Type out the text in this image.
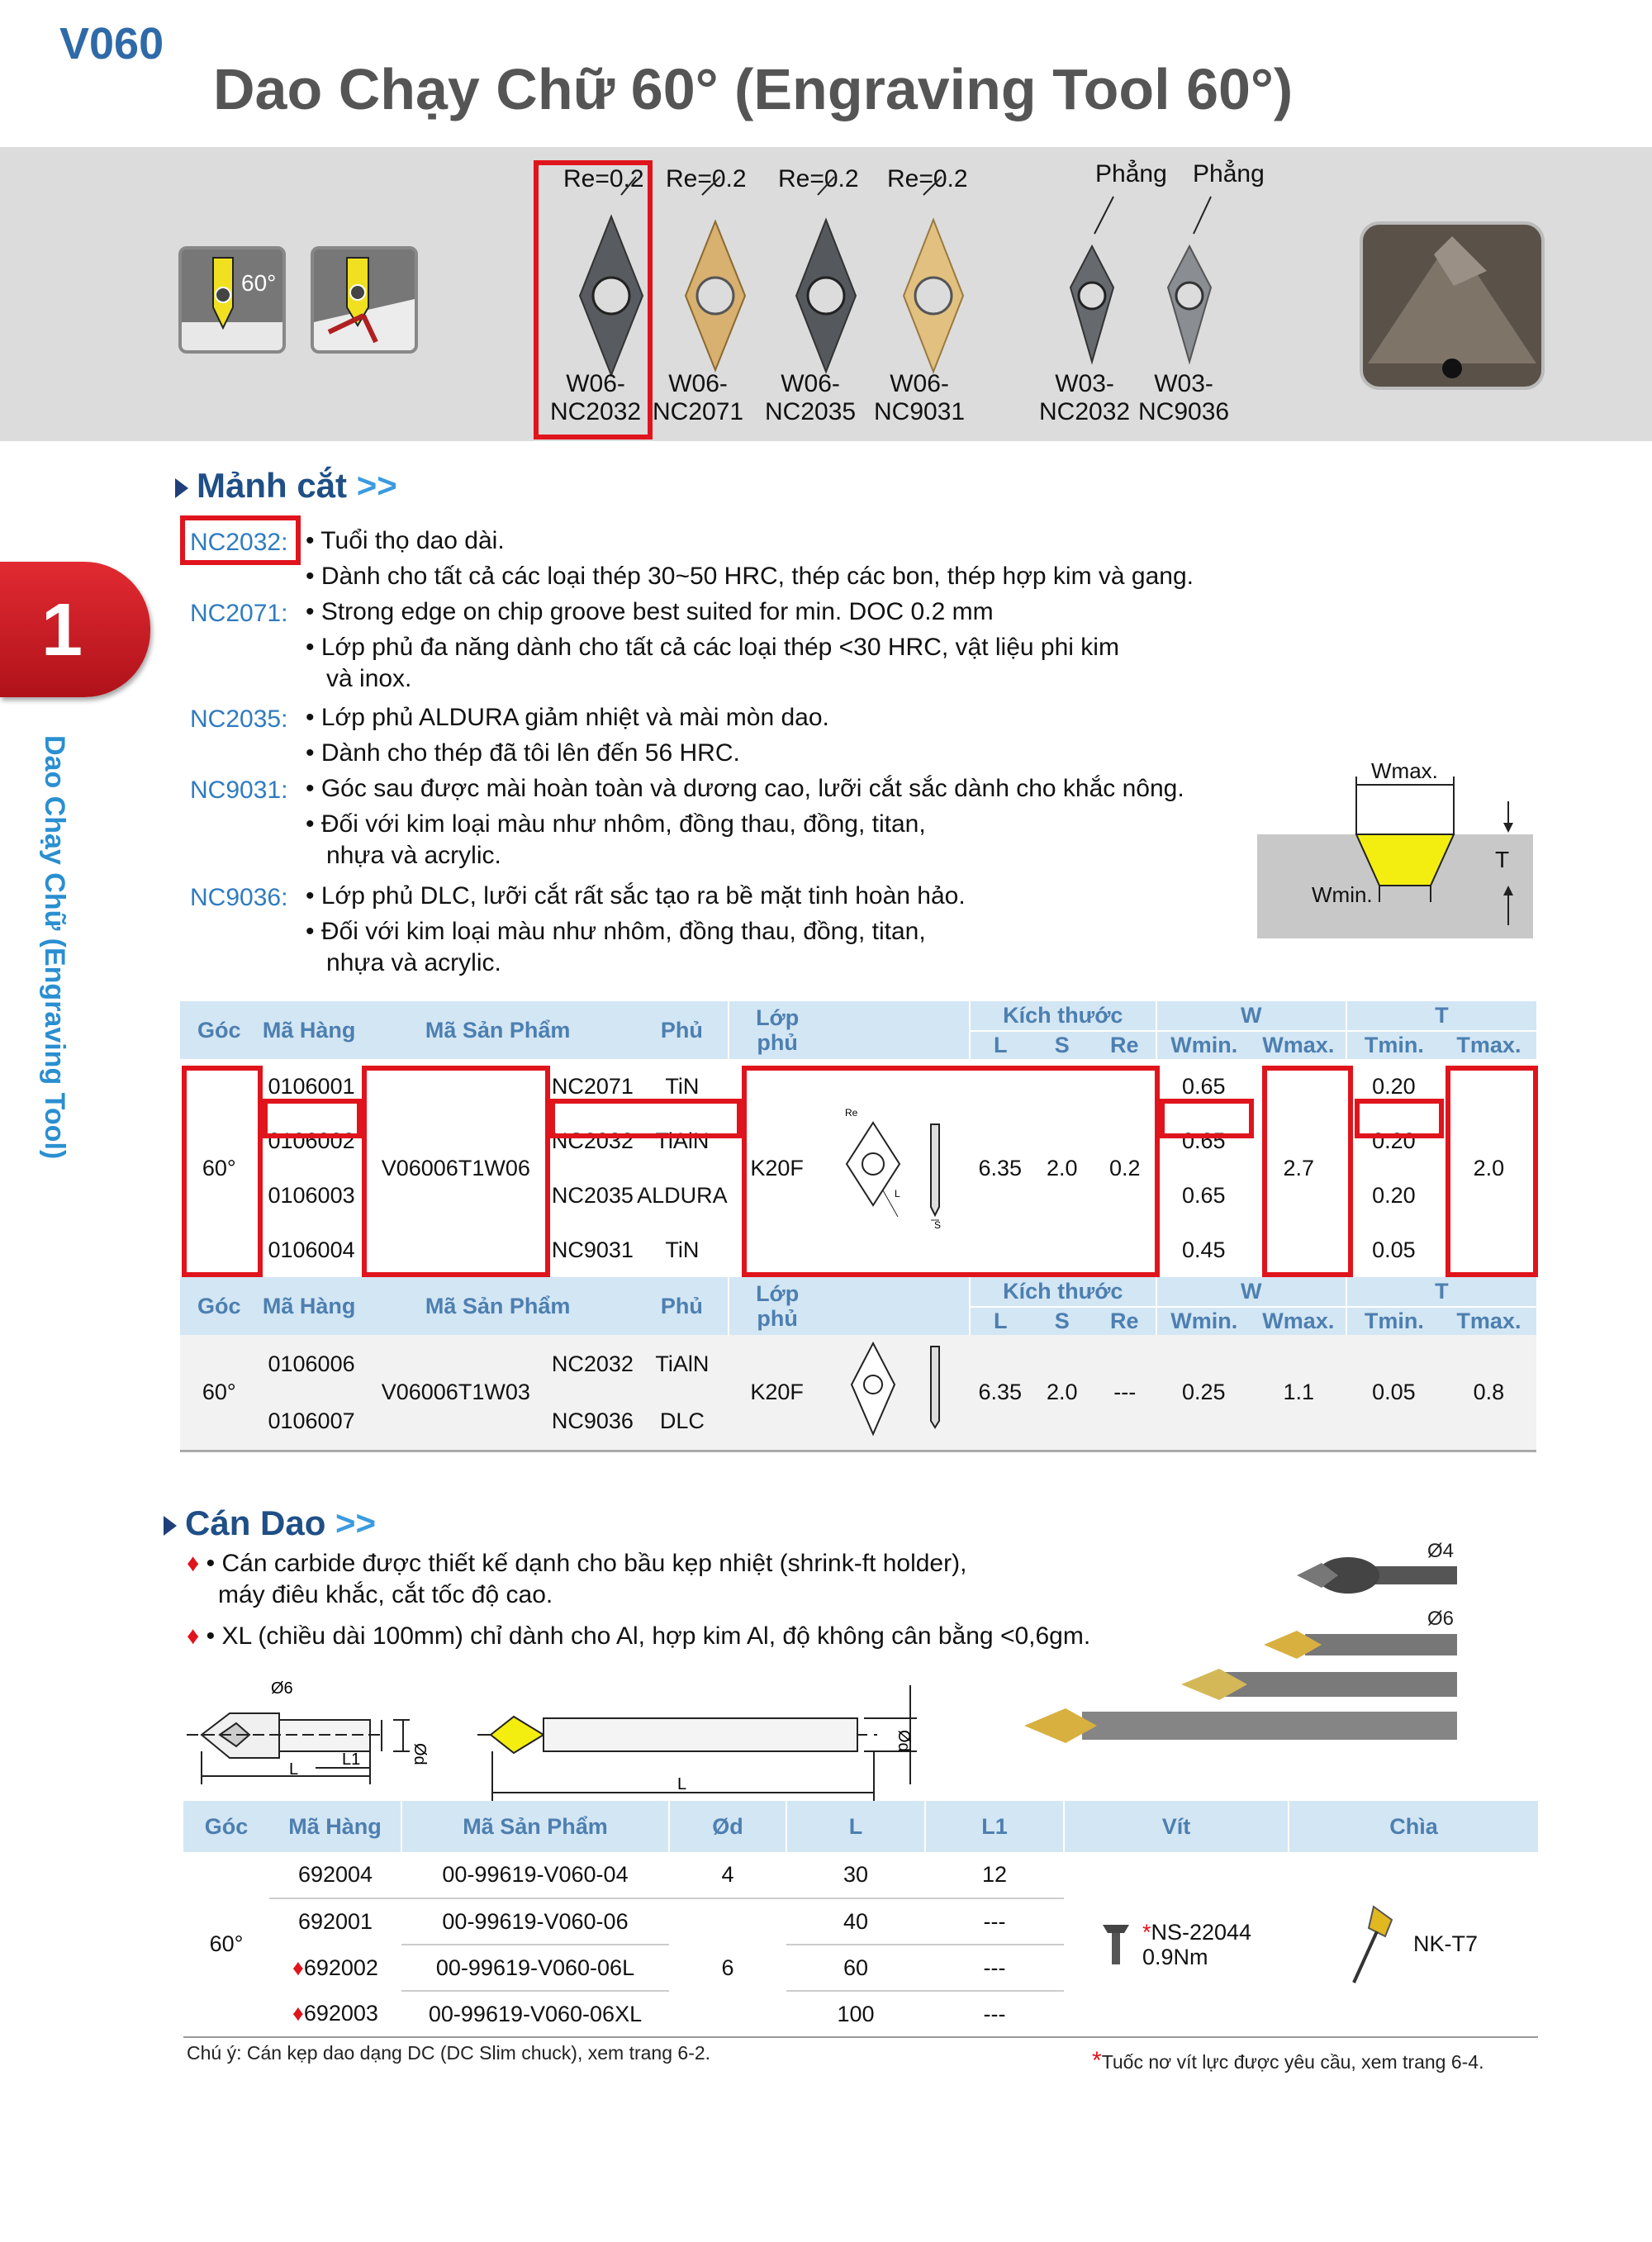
V060
Dao Chạy Chữ 60° (Engraving Tool 60°)
60°
Re=0.2 Re=0.2 Re=0.2 Re=0.2	Phẳng Phẳng
W06-
NC2032
W06-
NC2071
W06-
NC2035
W06-
NC9031
W03-
NC2032
W03-
NC9036
1
Dao Chạy Chữ (Engraving Tool)
Mảnh cắt >>
NC2032: • Tuổi thọ dao dài.
• Dành cho tất cả các loại thép 30~50 HRC, thép các bon, thép hợp kim và gang.
NC2071: • Strong edge on chip groove best suited for min. DOC 0.2 mm
• Lớp phủ đa năng dành cho tất cả các loại thép <30 HRC, vật liệu phi kim
và inox.
NC2035: • Lớp phủ ALDURA giảm nhiệt và mài mòn dao.
• Dành cho thép đã tôi lên đến 56 HRC.
NC9031: • Góc sau được mài hoàn toàn và dương cao, lưỡi cắt sắc dành cho khắc nông.
• Đối với kim loại màu như nhôm, đồng thau, đồng, titan,
nhựa và acrylic.
NC9036: • Lớp phủ DLC, lưỡi cắt rất sắc tạo ra bề mặt tinh hoàn hảo.
• Đối với kim loại màu như nhôm, đồng thau, đồng, titan,
nhựa và acrylic.
Wmax.
Wmin.
T
Góc	Mã Hàng	Mã Sản Phẩm		Phủ	Lớp
phủ		Kích thước			W		T	
							L	S	Re	Wmin.	Wmax.	Tmin.	Tmax.
60°	0106001	V06006T1W06	NC2071	TiN	K20F	Re
L
S	6.35	2.0	0.2	0.65	2.7	0.20	2.0
	0106002		NC2032	TiAlN						0.65		0.20	
	0106003		NC2035	ALDURA						0.65		0.20	
	0106004		NC9031	TiN						0.45		0.05	
Góc	Mã Hàng	Mã Sản Phẩm		Phủ	Lớp
phủ		Kích thước			W		T	
							L	S	Re	Wmin.	Wmax.	Tmin.	Tmax.
60°	0106006	V06006T1W03	NC2032	TiAlN	K20F		6.35	2.0	---	0.25	1.1	0.05	0.8
	0106007		NC9036	DLC									
Cán Dao >>
♦ • Cán carbide được thiết kế dạnh cho bầu kẹp nhiệt (shrink-ft holder),
máy điêu khắc, cắt tốc độ cao.
♦ • XL (chiều dài 100mm) chỉ dành cho Al, hợp kim Al, độ không cân bằng <0,6gm.
Ø4
Ø6
Ø6
L1
L
L
Ød
Ød
Góc	Mã Hàng	Mã Sản Phẩm	Ød	L	L1	Vít	Chìa
60°	692004	00-99619-V060-04	4	30	12	*NS-22044
0.9Nm	NK-T7

	692001	00-99619-V060-06	6	40	---		
	♦692002	00-99619-V060-06L		60	---		
	♦692003	00-99619-V060-06XL		100	---		
Chú ý: Cán kẹp dao dạng DC (DC Slim chuck), xem trang 6-2.	*Tuốc nơ vít lực được yêu cầu, xem trang 6-4.
